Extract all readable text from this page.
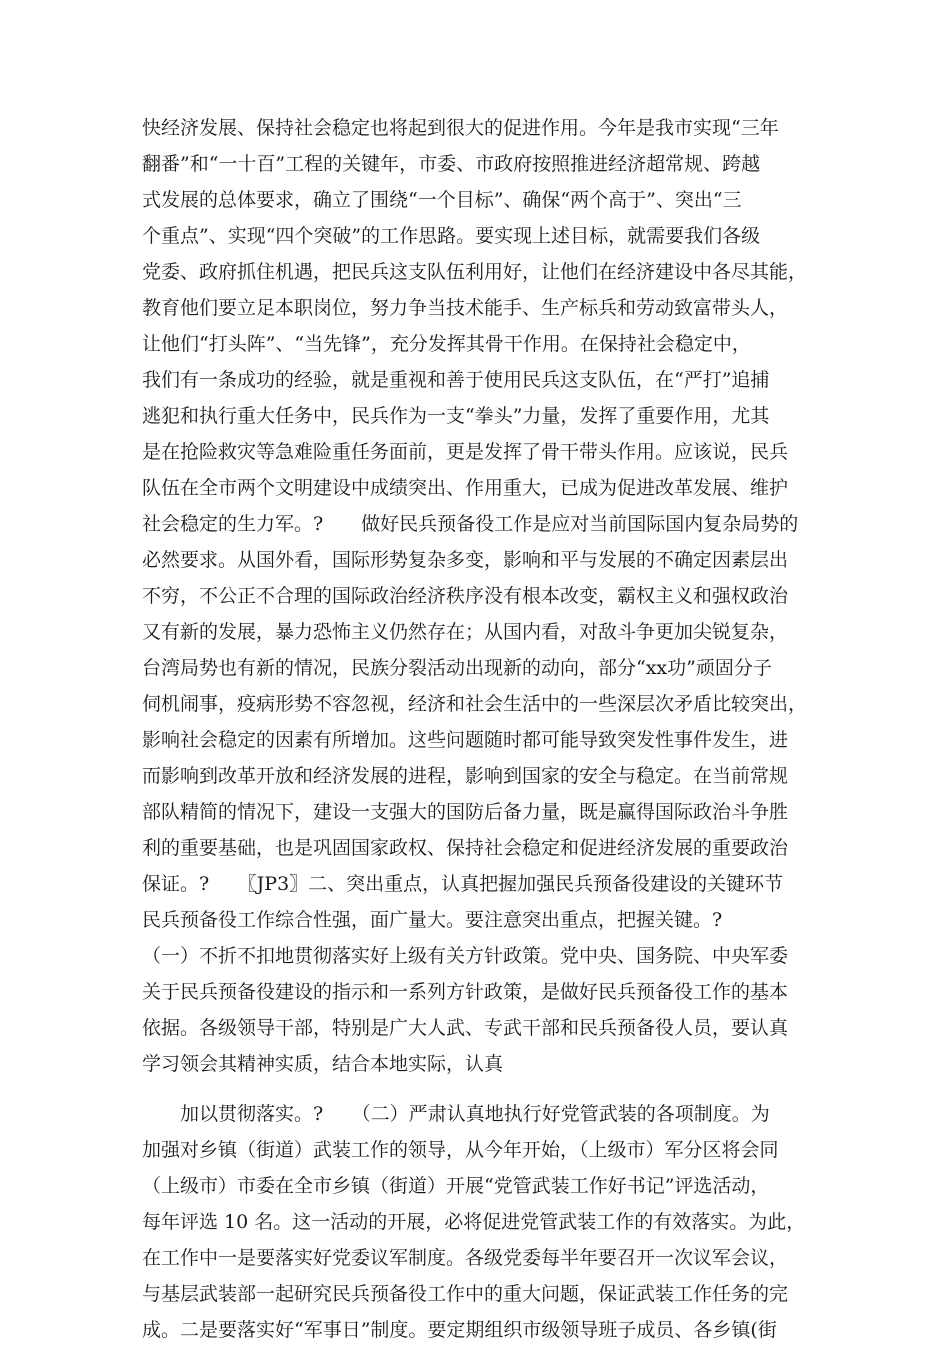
快经济发展、保持社会稳定也将起到很大的促进作用。今年是我市实现“三年
翻番”和“一十百”工程的关键年，市委、市政府按照推进经济超常规、跨越
式发展的总体要求，确立了围绕“一个目标”、确保“两个高于”、突出“三
个重点”、实现“四个突破”的工作思路。要实现上述目标，就需要我们各级
党委、政府抓住机遇，把民兵这支队伍利用好，让他们在经济建设中各尽其能，
教育他们要立足本职岗位，努力争当技术能手、生产标兵和劳动致富带头人，
让他们“打头阵”、“当先锋”，充分发挥其骨干作用。在保持社会稳定中，
我们有一条成功的经验，就是重视和善于使用民兵这支队伍，在“严打”追捕
逃犯和执行重大任务中，民兵作为一支“拳头”力量，发挥了重要作用，尤其
是在抢险救灾等急难险重任务面前，更是发挥了骨干带头作用。应该说，民兵
队伍在全市两个文明建设中成绩突出、作用重大，已成为促进改革发展、维护
社会稳定的生力军。?　　做好民兵预备役工作是应对当前国际国内复杂局势的
必然要求。从国外看，国际形势复杂多变，影响和平与发展的不确定因素层出
不穷，不公正不合理的国际政治经济秩序没有根本改变，霸权主义和强权政治
又有新的发展，暴力恐怖主义仍然存在；从国内看，对敌斗争更加尖锐复杂，
台湾局势也有新的情况，民族分裂活动出现新的动向，部分“xx功”顽固分子
伺机闹事，疫病形势不容忽视，经济和社会生活中的一些深层次矛盾比较突出，
影响社会稳定的因素有所增加。这些问题随时都可能导致突发性事件发生，进
而影响到改革开放和经济发展的进程，影响到国家的安全与稳定。在当前常规
部队精简的情况下，建设一支强大的国防后备力量，既是赢得国际政治斗争胜
利的重要基础，也是巩固国家政权、保持社会稳定和促进经济发展的重要政治
保证。?　　〖JP3〗二、突出重点，认真把握加强民兵预备役建设的关键环节
民兵预备役工作综合性强，面广量大。要注意突出重点，把握关键。?
（一）不折不扣地贯彻落实好上级有关方针政策。党中央、国务院、中央军委
关于民兵预备役建设的指示和一系列方针政策，是做好民兵预备役工作的基本
依据。各级领导干部，特别是广大人武、专武干部和民兵预备役人员，要认真
学习领会其精神实质，结合本地实际，认真
　　加以贯彻落实。?　　（二）严肃认真地执行好党管武装的各项制度。为
加强对乡镇（街道）武装工作的领导，从今年开始，（上级市）军分区将会同
（上级市）市委在全市乡镇（街道）开展“党管武装工作好书记”评选活动，
每年评选 10 名。这一活动的开展，必将促进党管武装工作的有效落实。为此，
在工作中一是要落实好党委议军制度。各级党委每半年要召开一次议军会议，
与基层武装部一起研究民兵预备役工作中的重大问题，保证武装工作任务的完
成。二是要落实好“军事日”制度。要定期组织市级领导班子成员、各乡镇(街
